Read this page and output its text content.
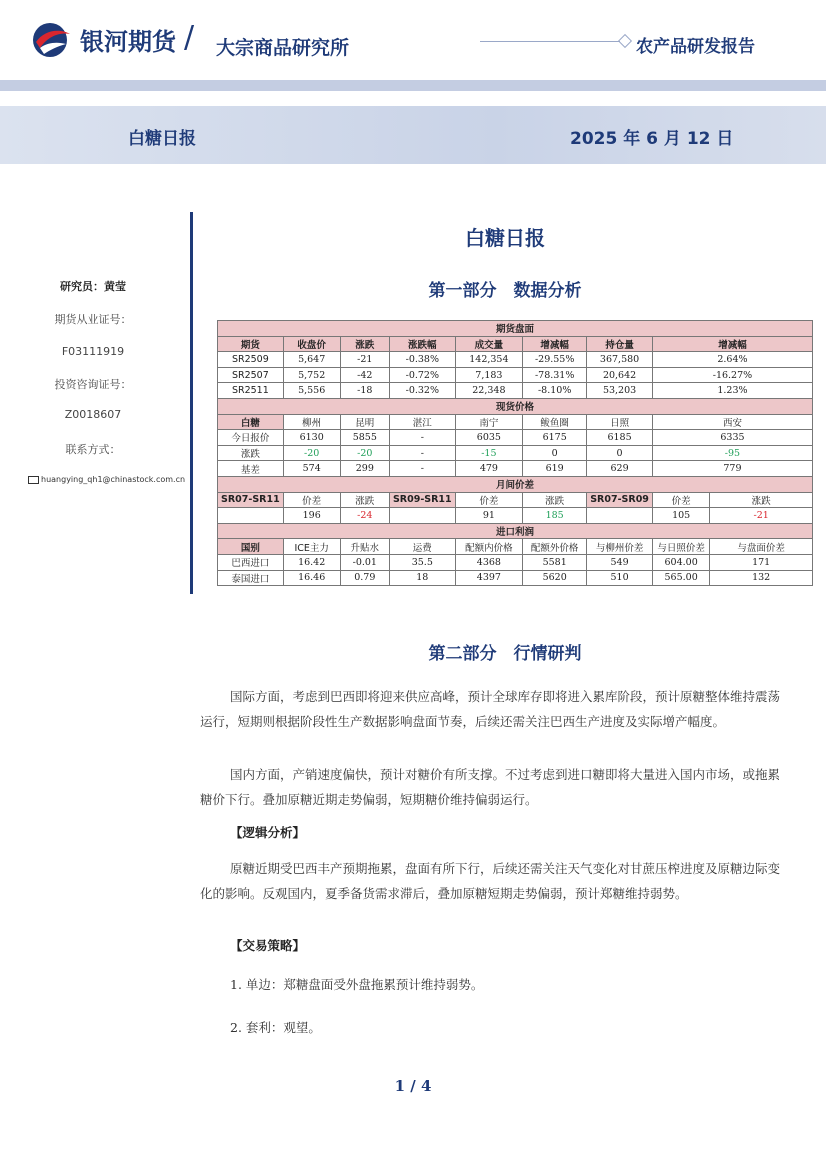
银河期货 / 大宗商品研究所	农产品研发报告
白糖日报	2025 年 6 月 12 日
研究员：黄莹
期货从业证号：
F03111919
投资咨询证号：
Z0018607
联系方式：
huangying_qh1@chinastock.com.cn
白糖日报
第一部分　数据分析
期货盘面								
期货	收盘价	涨跌	涨跌幅	成交量	增减幅	持仓量	增减幅	
SR2509	5,647	-21	-0.38%	142,354	-29.55%	367,580	2.64%	
SR2507	5,752	-42	-0.72%	7,183	-78.31%	20,642	-16.27%	
SR2511	5,556	-18	-0.32%	22,348	-8.10%	53,203	1.23%	
现货价格								
白糖	柳州	昆明	湛江	南宁	鲅鱼圈	日照	西安	
今日报价	6130	5855	-	6035	6175	6185	6335	
涨跌	-20	-20	-	-15	0	0	-95	
基差	574	299	-	479	619	629	779	
月间价差								
SR07-SR11	价差	涨跌	SR09-SR11	价差	涨跌	SR07-SR09	价差	涨跌
	196	-24		91	185		105	-21
进口利润								
国别	ICE主力	升贴水	运费	配额内价格	配额外价格	与柳州价差	与日照价差	与盘面价差
巴西进口	16.42	-0.01	35.5	4368	5581	549	604.00	171
泰国进口	16.46	0.79	18	4397	5620	510	565.00	132
第二部分　行情研判
国际方面，考虑到巴西即将迎来供应高峰，预计全球库存即将进入累库阶段，预计原糖整体维持震荡运行，短期则根据阶段性生产数据影响盘面节奏，后续还需关注巴西生产进度及实际增产幅度。
国内方面，产销速度偏快，预计对糖价有所支撑。不过考虑到进口糖即将大量进入国内市场，或拖累糖价下行。叠加原糖近期走势偏弱，短期糖价维持偏弱运行。
【逻辑分析】
原糖近期受巴西丰产预期拖累，盘面有所下行，后续还需关注天气变化对甘蔗压榨进度及原糖边际变化的影响。反观国内，夏季备货需求滞后，叠加原糖短期走势偏弱，预计郑糖维持弱势。
【交易策略】
1. 单边：郑糖盘面受外盘拖累预计维持弱势。
2. 套利：观望。
1 / 4
